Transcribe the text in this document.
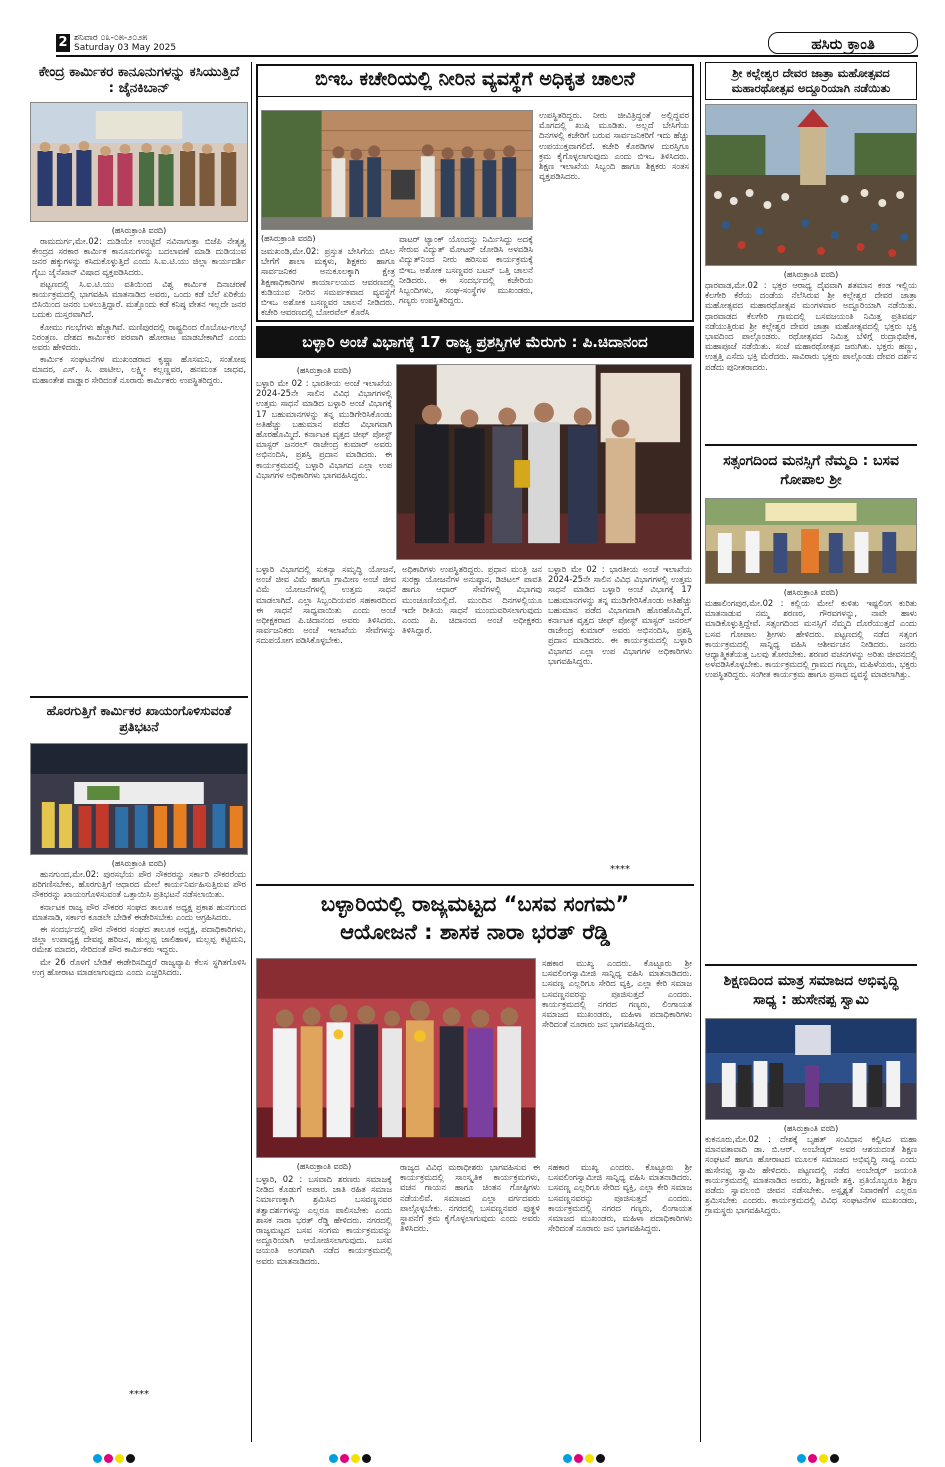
2 ಶನಿವಾರ ೦೩-೦೫-೨೦೨೫
Saturday 03 May 2025	ಹಸಿರು ಕ್ರಾಂತಿ
ಕೇಂದ್ರ ಕಾರ್ಮಿಕರ ಕಾನೂನುಗಳನ್ನು ಕಸಿಯುತ್ತಿದೆ : ಜೈನಕಿಬಾನ್
(ಹಸಿರುಕ್ರಾಂತಿ ವರದಿ)

ರಾಮದುರ್ಗ,ಮೇ.02: ದುಡಿಯೇ ಉಂಟ್ಟಿದೆ ನವಿನಾಗುತ್ತಾ ಬಿಜೆಪಿ ನೇತೃತ್ವ ಕೇಂದ್ರದ ಸರಕಾರ ಕಾರ್ಮಿಕ ಕಾನೂನುಗಳನ್ನು ಬದಲಾವಣೆ ಮಾಡಿ ದುಡಿಯುವ ಜನರ ಹಕ್ಕುಗಳನ್ನು ಕಸಿದುಕೊಳ್ಳುತ್ತಿದೆ ಎಂದು ಸಿ.ಐ.ಟಿ.ಯು ಜಿಲ್ಲಾ ಕಾರ್ಯದರ್ಶಿ ಗೈಬು ಜೈನೆಖಾನ್ ವಿಷಾದ ವ್ಯಕ್ತಪಡಿಸಿದರು.

ಪಟ್ಟಣದಲ್ಲಿ ಸಿ.ಐ.ಟಿ.ಯು ವತಿಯಿಂದ ವಿಶ್ವ ಕಾರ್ಮಿಕ ದಿನಾಚರಣೆ ಕಾರ್ಯಕ್ರಮದಲ್ಲಿ ಭಾಗವಹಿಸಿ ಮಾತನಾಡಿದ ಅವರು, ಒಂದು ಕಡೆ ಬೆಲೆ ಏರಿಕೆಯ ಬಿಸಿಯಿಂದ ಜನರು ಬಳಲುತ್ತಿದ್ದಾರೆ. ಮತ್ತೊಂದು ಕಡೆ ಕನಿಷ್ಠ ವೇತನ ಇಲ್ಲದೇ ಜನರ ಬದುಕು ದುಸ್ತರವಾಗಿದೆ.

ಕೋಮು ಗಲಭೆಗಳು ಹೆಚ್ಚಾಗಿವೆ. ಮಣಿಪುರದಲ್ಲಿ ರಾಷ್ಟ್ರದಿಂದ ರೊಬೊಟ-ಗಲಭೆ ನಿರಂತ್ರಣ. ದೇಶದ ಕಾರ್ಮಿಕರ ಪರವಾಗಿ ಹೋರಾಟ ಮಾಡಬೇಕಾಗಿದೆ ಎಂದು ಅವರು ಹೇಳಿದರು.

ಕಾರ್ಮಿಕ ಸಂಘಟನೆಗಳ ಮುಖಂಡರಾದ ಕೃಷ್ಣಾ ಹೊಸಮನಿ, ಸಂತೋಷ ಮಾದರ, ಎಸ್. ಸಿ. ಪಾಟೀಲ, ಲಕ್ಷ್ಮೀ ಕಲ್ಲಣ್ಣವರ, ಹನಮಂತ ಜಾಧವ, ಮಹಾಂತೇಶ ವಾಡ್ಡಾರ ಸೇರಿದಂತೆ ನೂರಾರು ಕಾರ್ಮಿಕರು ಉಪಸ್ಥಿತರಿದ್ದರು.

ಹೊರಗುತ್ತಿಗೆ ಕಾರ್ಮಿಕರ ಖಾಯಂಗೊಳಿಸುವಂತೆ ಪ್ರತಿಭಟನೆ
(ಹಸಿರುಕ್ರಾಂತಿ ವರದಿ)

ಹುನಗುಂದ,ಮೇ.02: ಪುರಸಭೆಯ ಪೌರ ನೌಕರರನ್ನು ಸರ್ಕಾರಿ ನೌಕರರೆಂದು ಪರಿಗಣಿಸಬೇಕು, ಹೊರಗುತ್ತಿಗೆ ಆಧಾರದ ಮೇಲೆ ಕಾರ್ಯನಿರ್ವಹಿಸುತ್ತಿರುವ ಪೌರ ನೌಕರರನ್ನು ಖಾಯಂಗೊಳಿಸುವಂತೆ ಒತ್ತಾಯಿಸಿ ಪ್ರತಿಭಟನೆ ನಡೆಸಲಾಯಿತು.

ಕರ್ನಾಟಕ ರಾಜ್ಯ ಪೌರ ನೌಕರರ ಸಂಘದ ತಾಲೂಕ ಅಧ್ಯಕ್ಷ ಪ್ರಕಾಶ ಹುನಗುಂದ ಮಾತನಾಡಿ, ಸರ್ಕಾರ ಕೂಡಲೇ ಬೇಡಿಕೆ ಈಡೇರಿಸಬೇಕು ಎಂದು ಆಗ್ರಹಿಸಿದರು.

ಈ ಸಂದರ್ಭದಲ್ಲಿ ಪೌರ ನೌಕರರ ಸಂಘದ ತಾಲೂಕ ಅಧ್ಯಕ್ಷ, ಪದಾಧಿಕಾರಿಗಳು, ಜಿಲ್ಲಾ ಉಪಾಧ್ಯಕ್ಷ ದೇವಪ್ಪ ಹರಿಜನ, ಹುಲ್ಲಪ್ಪ ಜಾಲಿಹಾಳ, ಮಲ್ಲಪ್ಪ ಕಟ್ಟಿಮನಿ, ರಮೇಶ ಮಾದರ, ಸೇರಿದಂತೆ ಪೌರ ಕಾರ್ಮಿಕರು ಇದ್ದರು.

ಮೇ 26 ರೊಳಗೆ ಬೇಡಿಕೆ ಈಡೇರಿಸದಿದ್ದರೆ ರಾಜ್ಯವ್ಯಾಪಿ ಕೆಲಸ ಸ್ಥಗಿತಗೊಳಿಸಿ ಉಗ್ರ ಹೋರಾಟ ಮಾಡಲಾಗುವುದು ಎಂದು ಎಚ್ಚರಿಸಿದರು.

****
ಬಿಇಒ ಕಚೇರಿಯಲ್ಲಿ ನೀರಿನ ವ್ಯವಸ್ಥೆಗೆ ಅಧಿಕೃತ ಚಾಲನೆ
(ಹಸಿರುಕ್ರಾಂತಿ ವರದಿ)
ಜಮಖಂಡಿ,ಮೇ.02: ಪ್ರಸ್ತುತ ಬೇಸಿಗೆಯ ಬಿಸಿಲ ಬೇಗೆಗೆ ಶಾಲಾ ಮಕ್ಕಳು, ಶಿಕ್ಷಕರು ಹಾಗೂ ಸಾರ್ವಜನಿಕರ ಅನುಕೂಲಕ್ಕಾಗಿ ಕ್ಷೇತ್ರ ಶಿಕ್ಷಣಾಧಿಕಾರಿಗಳ ಕಾರ್ಯಾಲಯದ ಆವರಣದಲ್ಲಿ ಕುಡಿಯುವ ನೀರಿನ ಸಮರ್ಪಕವಾದ ವ್ಯವಸ್ಥೆಗೆ ಬಿಇಒ ಅಶೋಕ ಬಸಣ್ಣವರ ಚಾಲನೆ ನೀಡಿದರು. ಕಚೇರಿ ಆವರಣದಲ್ಲಿ ಬೋರವೆಲ್ ಕೊರೆಸಿ
ವಾಟರ್ ಟ್ಯಾಂಕ್ ಯೊಂದನ್ನು ನಿರ್ಮಿಸಿದ್ದು ಅದಕ್ಕೆ ಸೇರುವ ವಿದ್ಯುತ್ ಮೋಟರ್ ಜೋಡಿಸಿ ಅಳವಡಿಸಿ ವಿದ್ಯುತ್‌ನಿಂದ ನೀರು ಹರಿಸುವ ಕಾರ್ಯಕ್ರಮಕ್ಕೆ ಬಿಇಒ ಅಶೋಕ ಬಸಣ್ಣವರ ಬಟನ್ ಒತ್ತಿ ಚಾಲನೆ ನೀಡಿದರು. ಈ ಸಂದರ್ಭದಲ್ಲಿ ಕಚೇರಿಯ ಸಿಬ್ಬಂದಿಗಳು, ಸಂಘ-ಸಂಸ್ಥೆಗಳ ಮುಖಂಡರು, ಗಣ್ಯರು ಉಪಸ್ಥಿತರಿದ್ದರು.
ಉಪಸ್ಥಿತರಿದ್ದರು. ನೀರು ಜೀವಿತ್ರಿದ್ದಂತೆ ಅಲ್ಲಿದ್ದವರ ಮೊಗದಲ್ಲಿ ಖುಷಿ ಮೂಡಿತು. ಅಲ್ಲದೆ ಬೇಸಿಗೆಯ ದಿನಗಳಲ್ಲಿ ಕಚೇರಿಗೆ ಬರುವ ಸಾರ್ವಜನಿಕರಿಗೆ ಇದು ಹೆಚ್ಚು ಉಪಯುಕ್ತವಾಗಲಿದೆ. ಕಚೇರಿ ಕೊಠಡಿಗಳ ದುರಸ್ತಿಗೂ ಕ್ರಮ ಕೈಗೊಳ್ಳಲಾಗುವುದು ಎಂದು ಬಿಇಒ ತಿಳಿಸಿದರು. ಶಿಕ್ಷಣ ಇಲಾಖೆಯ ಸಿಬ್ಬಂದಿ ಹಾಗೂ ಶಿಕ್ಷಕರು ಸಂತಸ ವ್ಯಕ್ತಪಡಿಸಿದರು.
ಬಳ್ಳಾರಿ ಅಂಚೆ ವಿಭಾಗಕ್ಕೆ 17 ರಾಜ್ಯ ಪ್ರಶಸ್ತಿಗಳ ಮೆರುಗು : ಪಿ.ಚಿದಾನಂದ
(ಹಸಿರುಕ್ರಾಂತಿ ವರದಿ)
ಬಳ್ಳಾರಿ ಮೇ 02 : ಭಾರತೀಯ ಅಂಚೆ ಇಲಾಖೆಯ 2024-25ನೇ ಸಾಲಿನ ವಿವಿಧ ವಿಭಾಗಗಳಲ್ಲಿ ಉತ್ತಮ ಸಾಧನೆ ಮಾಡಿದ ಬಳ್ಳಾರಿ ಅಂಚೆ ವಿಭಾಗಕ್ಕೆ 17 ಬಹುಮಾನಗಳನ್ನು ತನ್ನ ಮುಡಿಗೇರಿಸಿಕೊಂಡು ಅತಿಹೆಚ್ಚು ಬಹುಮಾನ ಪಡೆದ ವಿಭಾಗವಾಗಿ ಹೊರಹೊಮ್ಮಿದೆ. ಕರ್ನಾಟಕ ವೃತ್ತದ ಚೀಫ್ ಪೋಸ್ಟ್ ಮಾಸ್ಟರ್ ಜನರಲ್ ರಾಜೇಂದ್ರ ಕುಮಾರ್ ಅವರು ಅಭಿನಂದಿಸಿ, ಪ್ರಶಸ್ತಿ ಪ್ರದಾನ ಮಾಡಿದರು. ಈ ಕಾರ್ಯಕ್ರಮದಲ್ಲಿ ಬಳ್ಳಾರಿ ವಿಭಾಗದ ಎಲ್ಲಾ ಉಪ ವಿಭಾಗಗಳ ಅಧಿಕಾರಿಗಳು ಭಾಗವಹಿಸಿದ್ದರು.
ಬಳ್ಳಾರಿ ವಿಭಾಗದಲ್ಲಿ ಸುಕನ್ಯಾ ಸಮೃದ್ಧಿ ಯೋಜನೆ, ಅಂಚೆ ಜೀವ ವಿಮೆ ಹಾಗೂ ಗ್ರಾಮೀಣ ಅಂಚೆ ಜೀವ ವಿಮೆ ಯೋಜನೆಗಳಲ್ಲಿ ಉತ್ತಮ ಸಾಧನೆ ಮಾಡಲಾಗಿದೆ. ಎಲ್ಲಾ ಸಿಬ್ಬಂದಿಯವರ ಸಹಕಾರದಿಂದ ಈ ಸಾಧನೆ ಸಾಧ್ಯವಾಯಿತು ಎಂದು ಅಂಚೆ ಅಧೀಕ್ಷಕರಾದ ಪಿ.ಚಿದಾನಂದ ಅವರು ತಿಳಿಸಿದರು. ಸಾರ್ವಜನಿಕರು ಅಂಚೆ ಇಲಾಖೆಯ ಸೇವೆಗಳನ್ನು ಸದುಪಯೋಗ ಪಡಿಸಿಕೊಳ್ಳಬೇಕು.
ಅಧಿಕಾರಿಗಳು ಉಪಸ್ಥಿತರಿದ್ದರು. ಪ್ರಧಾನ ಮಂತ್ರಿ ಜನ ಸುರಕ್ಷಾ ಯೋಜನೆಗಳ ಅನುಷ್ಠಾನ, ಡಿಜಿಟಲ್ ಪಾವತಿ ಹಾಗೂ ಆಧಾರ್ ಸೇವೆಗಳಲ್ಲಿ ವಿಭಾಗವು ಮುಂಚೂಣಿಯಲ್ಲಿದೆ. ಮುಂದಿನ ದಿನಗಳಲ್ಲಿಯೂ ಇದೇ ರೀತಿಯ ಸಾಧನೆ ಮುಂದುವರಿಸಲಾಗುವುದು ಎಂದು ಪಿ. ಚಿದಾನಂದ ಅಂಚೆ ಅಧೀಕ್ಷಕರು ತಿಳಿಸಿದ್ದಾರೆ.
ಬಳ್ಳಾರಿ ಮೇ 02 : ಭಾರತೀಯ ಅಂಚೆ ಇಲಾಖೆಯ 2024-25ನೇ ಸಾಲಿನ ವಿವಿಧ ವಿಭಾಗಗಳಲ್ಲಿ ಉತ್ತಮ ಸಾಧನೆ ಮಾಡಿದ ಬಳ್ಳಾರಿ ಅಂಚೆ ವಿಭಾಗಕ್ಕೆ 17 ಬಹುಮಾನಗಳನ್ನು ತನ್ನ ಮುಡಿಗೇರಿಸಿಕೊಂಡು ಅತಿಹೆಚ್ಚು ಬಹುಮಾನ ಪಡೆದ ವಿಭಾಗವಾಗಿ ಹೊರಹೊಮ್ಮಿದೆ. ಕರ್ನಾಟಕ ವೃತ್ತದ ಚೀಫ್ ಪೋಸ್ಟ್ ಮಾಸ್ಟರ್ ಜನರಲ್ ರಾಜೇಂದ್ರ ಕುಮಾರ್ ಅವರು ಅಭಿನಂದಿಸಿ, ಪ್ರಶಸ್ತಿ ಪ್ರದಾನ ಮಾಡಿದರು. ಈ ಕಾರ್ಯಕ್ರಮದಲ್ಲಿ ಬಳ್ಳಾರಿ ವಿಭಾಗದ ಎಲ್ಲಾ ಉಪ ವಿಭಾಗಗಳ ಅಧಿಕಾರಿಗಳು ಭಾಗವಹಿಸಿದ್ದರು.
****
ಬಳ್ಳಾರಿಯಲ್ಲಿ ರಾಜ್ಯಮಟ್ಟದ “ಬಸವ ಸಂಗಮ”
ಆಯೋಜನೆ : ಶಾಸಕ ನಾರಾ ಭರತ್ ರೆಡ್ಡಿ
ಸಹಕಾರ ಮುಖ್ಯ ಎಂದರು. ಕೊಟ್ಟೂರು ಶ್ರೀ ಬಸವಲಿಂಗಸ್ವಾಮೀಜಿ ಸಾನ್ನಿಧ್ಯ ವಹಿಸಿ ಮಾತನಾಡಿದರು. ಬಸವಣ್ಣ ಎಲ್ಲರಿಗೂ ಸೇರಿದ ವ್ಯಕ್ತಿ, ಎಲ್ಲಾ ಕೇರಿ ಸಮಾಜ ಬಸವಣ್ಣನವರನ್ನು ಪೂಜಿಸುತ್ತದೆ ಎಂದರು. ಕಾರ್ಯಕ್ರಮದಲ್ಲಿ ನಗರದ ಗಣ್ಯರು, ಲಿಂಗಾಯತ ಸಮಾಜದ ಮುಖಂಡರು, ಮಹಿಳಾ ಪದಾಧಿಕಾರಿಗಳು ಸೇರಿದಂತೆ ನೂರಾರು ಜನ ಭಾಗವಹಿಸಿದ್ದರು.
(ಹಸಿರುಕ್ರಾಂತಿ ವರದಿ)
ಬಳ್ಳಾರಿ, 02 : ಬಸವಾದಿ ಶರಣರು ಸಮಾಜಕ್ಕೆ ನೀಡಿದ ಕೊಡುಗೆ ಅಪಾರ. ಜಾತಿ ರಹಿತ ಸಮಾಜ ನಿರ್ಮಾಣಕ್ಕಾಗಿ ಶ್ರಮಿಸಿದ ಬಸವಣ್ಣನವರ ತತ್ವಾದರ್ಶಗಳನ್ನು ಎಲ್ಲರೂ ಪಾಲಿಸಬೇಕು ಎಂದು ಶಾಸಕ ನಾರಾ ಭರತ್ ರೆಡ್ಡಿ ಹೇಳಿದರು. ನಗರದಲ್ಲಿ ರಾಜ್ಯಮಟ್ಟದ ಬಸವ ಸಂಗಮ ಕಾರ್ಯಕ್ರಮವನ್ನು ಅದ್ದೂರಿಯಾಗಿ ಆಯೋಜಿಸಲಾಗುವುದು. ಬಸವ ಜಯಂತಿ ಅಂಗವಾಗಿ ನಡೆದ ಕಾರ್ಯಕ್ರಮದಲ್ಲಿ ಅವರು ಮಾತನಾಡಿದರು.
ರಾಜ್ಯದ ವಿವಿಧ ಮಠಾಧೀಶರು ಭಾಗವಹಿಸುವ ಈ ಕಾರ್ಯಕ್ರಮದಲ್ಲಿ ಸಾಂಸ್ಕೃತಿಕ ಕಾರ್ಯಕ್ರಮಗಳು, ವಚನ ಗಾಯನ ಹಾಗೂ ಚಿಂತನ ಗೋಷ್ಠಿಗಳು ನಡೆಯಲಿವೆ. ಸಮಾಜದ ಎಲ್ಲಾ ವರ್ಗದವರು ಪಾಲ್ಗೊಳ್ಳಬೇಕು. ನಗರದಲ್ಲಿ ಬಸವಣ್ಣನವರ ಪುತ್ಥಳಿ ಸ್ಥಾಪನೆಗೆ ಕ್ರಮ ಕೈಗೊಳ್ಳಲಾಗುವುದು ಎಂದು ಅವರು ತಿಳಿಸಿದರು.
ಸಹಕಾರ ಮುಖ್ಯ ಎಂದರು. ಕೊಟ್ಟೂರು ಶ್ರೀ ಬಸವಲಿಂಗಸ್ವಾಮೀಜಿ ಸಾನ್ನಿಧ್ಯ ವಹಿಸಿ ಮಾತನಾಡಿದರು. ಬಸವಣ್ಣ ಎಲ್ಲರಿಗೂ ಸೇರಿದ ವ್ಯಕ್ತಿ, ಎಲ್ಲಾ ಕೇರಿ ಸಮಾಜ ಬಸವಣ್ಣನವರನ್ನು ಪೂಜಿಸುತ್ತದೆ ಎಂದರು. ಕಾರ್ಯಕ್ರಮದಲ್ಲಿ ನಗರದ ಗಣ್ಯರು, ಲಿಂಗಾಯತ ಸಮಾಜದ ಮುಖಂಡರು, ಮಹಿಳಾ ಪದಾಧಿಕಾರಿಗಳು ಸೇರಿದಂತೆ ನೂರಾರು ಜನ ಭಾಗವಹಿಸಿದ್ದರು.
ಶ್ರೀ ಕಲ್ಲೇಶ್ವರ ದೇವರ ಜಾತ್ರಾ ಮಹೋತ್ಸವದ ಮಹಾರಥೋತ್ಸವ ಅದ್ದೂರಿಯಾಗಿ ನಡೆಯಿತು
(ಹಸಿರುಕ್ರಾಂತಿ ವರದಿ)
ಧಾರವಾಡ,ಮೇ.02 : ಭಕ್ತರ ಆರಾಧ್ಯ ದೈವವಾಗಿ ಶತಮಾನ ಕಂಡ ಇಲ್ಲಿಯ ಕೆಲಗೇರಿ ಕೆರೆಯ ದಂಡೆಯ ನೆಲೆಸಿರುವ ಶ್ರೀ ಕಲ್ಲೇಶ್ವರ ದೇವರ ಜಾತ್ರಾ ಮಹೋತ್ಸವದ ಮಹಾರಥೋತ್ಸವ ಮಂಗಳವಾರ ಅದ್ದೂರಿಯಾಗಿ ನಡೆಯಿತು. ಧಾರವಾಡದ ಕೆಲಗೇರಿ ಗ್ರಾಮದಲ್ಲಿ ಬಸವಜಯಂತಿ ನಿಮಿತ್ತ ಪ್ರತಿವರ್ಷ ನಡೆಯುತ್ತಿರುವ ಶ್ರೀ ಕಲ್ಲೇಶ್ವರ ದೇವರ ಜಾತ್ರಾ ಮಹೋತ್ಸವದಲ್ಲಿ ಭಕ್ತರು ಭಕ್ತಿ ಭಾವದಿಂದ ಪಾಲ್ಗೊಂಡರು. ರಥೋತ್ಸವದ ನಿಮಿತ್ತ ಬೆಳಿಗ್ಗೆ ರುದ್ರಾಭಿಷೇಕ, ಮಹಾಪೂಜೆ ನಡೆಯಿತು. ಸಂಜೆ ಮಹಾರಥೋತ್ಸವ ಜರುಗಿತು. ಭಕ್ತರು ಹಣ್ಣು, ಉತ್ತತ್ತಿ ಎಸೆದು ಭಕ್ತಿ ಮೆರೆದರು. ಸಾವಿರಾರು ಭಕ್ತರು ಪಾಲ್ಗೊಂಡು ದೇವರ ದರ್ಶನ ಪಡೆದು ಪುನೀತರಾದರು.
ಸತ್ಸಂಗದಿಂದ ಮನಸ್ಸಿಗೆ ನೆಮ್ಮದಿ : ಬಸವ ಗೋಪಾಲ ಶ್ರೀ
(ಹಸಿರುಕ್ರಾಂತಿ ವರದಿ)
ಮಹಾಲಿಂಗಪುರ,ಮೇ.02 : ಕಲ್ಲಿಯ ಮೇಲೆ ಕುಳಿತು ಇಷ್ಟಲಿಂಗ ಕುರಿತು ಮಾತನಾಡುವ ನಮ್ಮ ಶರಣರ, ಗೌರವಗಳನ್ನು, ನಾವೇ ಹಾಳು ಮಾಡಿಕೊಳ್ಳುತ್ತಿದ್ದೇವೆ. ಸತ್ಸಂಗದಿಂದ ಮನಸ್ಸಿಗೆ ನೆಮ್ಮದಿ ದೊರೆಯುತ್ತದೆ ಎಂದು ಬಸವ ಗೋಪಾಲ ಶ್ರೀಗಳು ಹೇಳಿದರು. ಪಟ್ಟಣದಲ್ಲಿ ನಡೆದ ಸತ್ಸಂಗ ಕಾರ್ಯಕ್ರಮದಲ್ಲಿ ಸಾನ್ನಿಧ್ಯ ವಹಿಸಿ ಆಶೀರ್ವಚನ ನೀಡಿದರು. ಜನರು ಆಧ್ಯಾತ್ಮಿಕತೆಯತ್ತ ಒಲವು ತೋರಬೇಕು. ಶರಣರ ವಚನಗಳನ್ನು ಅರಿತು ಜೀವನದಲ್ಲಿ ಅಳವಡಿಸಿಕೊಳ್ಳಬೇಕು. ಕಾರ್ಯಕ್ರಮದಲ್ಲಿ ಗ್ರಾಮದ ಗಣ್ಯರು, ಮಹಿಳೆಯರು, ಭಕ್ತರು ಉಪಸ್ಥಿತರಿದ್ದರು. ಸಂಗೀತ ಕಾರ್ಯಕ್ರಮ ಹಾಗೂ ಪ್ರಸಾದ ವ್ಯವಸ್ಥೆ ಮಾಡಲಾಗಿತ್ತು.
ಶಿಕ್ಷಣದಿಂದ ಮಾತ್ರ ಸಮಾಜದ ಅಭಿವೃದ್ಧಿ ಸಾಧ್ಯ : ಹುಸೇನಪ್ಪ ಸ್ವಾಮಿ
(ಹಸಿರುಕ್ರಾಂತಿ ವರದಿ)
ಕುಕನೂರು,ಮೇ.02 : ದೇಶಕ್ಕೆ ಬೃಹತ್ ಸಂವಿಧಾನ ಕಲ್ಪಿಸಿದ ಮಹಾ ಮಾನವತಾವಾದಿ ಡಾ. ಬಿ.ಆರ್. ಅಂಬೇಡ್ಕರ್ ಅವರ ಆಶಯದಂತೆ ಶಿಕ್ಷಣ ಸಂಘಟನೆ ಹಾಗೂ ಹೋರಾಟದ ಮೂಲಕ ಸಮಾಜದ ಅಭಿವೃದ್ಧಿ ಸಾಧ್ಯ ಎಂದು ಹುಸೇನಪ್ಪ ಸ್ವಾಮಿ ಹೇಳಿದರು. ಪಟ್ಟಣದಲ್ಲಿ ನಡೆದ ಅಂಬೇಡ್ಕರ್ ಜಯಂತಿ ಕಾರ್ಯಕ್ರಮದಲ್ಲಿ ಮಾತನಾಡಿದ ಅವರು, ಶಿಕ್ಷಣವೇ ಶಕ್ತಿ. ಪ್ರತಿಯೊಬ್ಬರೂ ಶಿಕ್ಷಣ ಪಡೆದು ಸ್ವಾವಲಂಬಿ ಜೀವನ ನಡೆಸಬೇಕು. ಅಸ್ಪೃಶ್ಯತೆ ನಿವಾರಣೆಗೆ ಎಲ್ಲರೂ ಶ್ರಮಿಸಬೇಕು ಎಂದರು. ಕಾರ್ಯಕ್ರಮದಲ್ಲಿ ವಿವಿಧ ಸಂಘಟನೆಗಳ ಮುಖಂಡರು, ಗ್ರಾಮಸ್ಥರು ಭಾಗವಹಿಸಿದ್ದರು.
